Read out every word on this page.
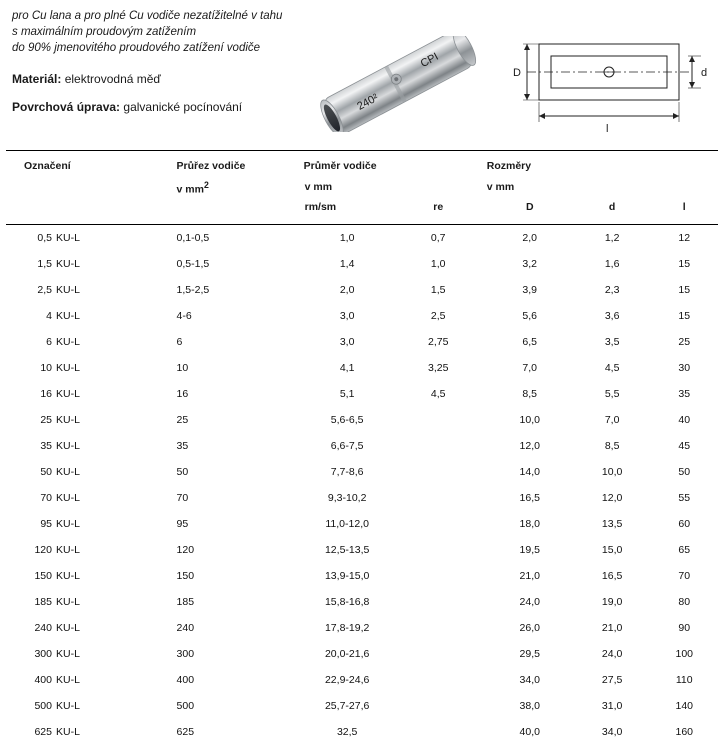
pro Cu lana a pro plné Cu vodiče nezatížitelné v tahu
s maximálním proudovým zatížením
do 90% jmenovitého proudového zatížení vodiče
Materiál: elektrovodná měď
Povrchová úprava: galvanické pocínování	240²
CPI
D	d
l
Označení	Průřez vodiče	Průměr vodiče		Rozměry		
	v $mm^2$	v mm		v mm		
		rm/sm	re	D	d	l

0,5 KU-L	0,1-0,5	1,0	0,7	2,0	1,2	12
1,5 KU-L	0,5-1,5	1,4	1,0	3,2	1,6	15
2,5 KU-L	1,5-2,5	2,0	1,5	3,9	2,3	15
4 KU-L	4-6	3,0	2,5	5,6	3,6	15
6 KU-L	6	3,0	2,75	6,5	3,5	25
10 KU-L	10	4,1	3,25	7,0	4,5	30
16 KU-L	16	5,1	4,5	8,5	5,5	35
25 KU-L	25	5,6-6,5		10,0	7,0	40
35 KU-L	35	6,6-7,5		12,0	8,5	45
50 KU-L	50	7,7-8,6		14,0	10,0	50
70 KU-L	70	9,3-10,2		16,5	12,0	55
95 KU-L	95	11,0-12,0		18,0	13,5	60
120 KU-L	120	12,5-13,5		19,5	15,0	65
150 KU-L	150	13,9-15,0		21,0	16,5	70
185 KU-L	185	15,8-16,8		24,0	19,0	80
240 KU-L	240	17,8-19,2		26,0	21,0	90
300 KU-L	300	20,0-21,6		29,5	24,0	100
400 KU-L	400	22,9-24,6		34,0	27,5	110
500 KU-L	500	25,7-27,6		38,0	31,0	140
625 KU-L	625	32,5		40,0	34,0	160
